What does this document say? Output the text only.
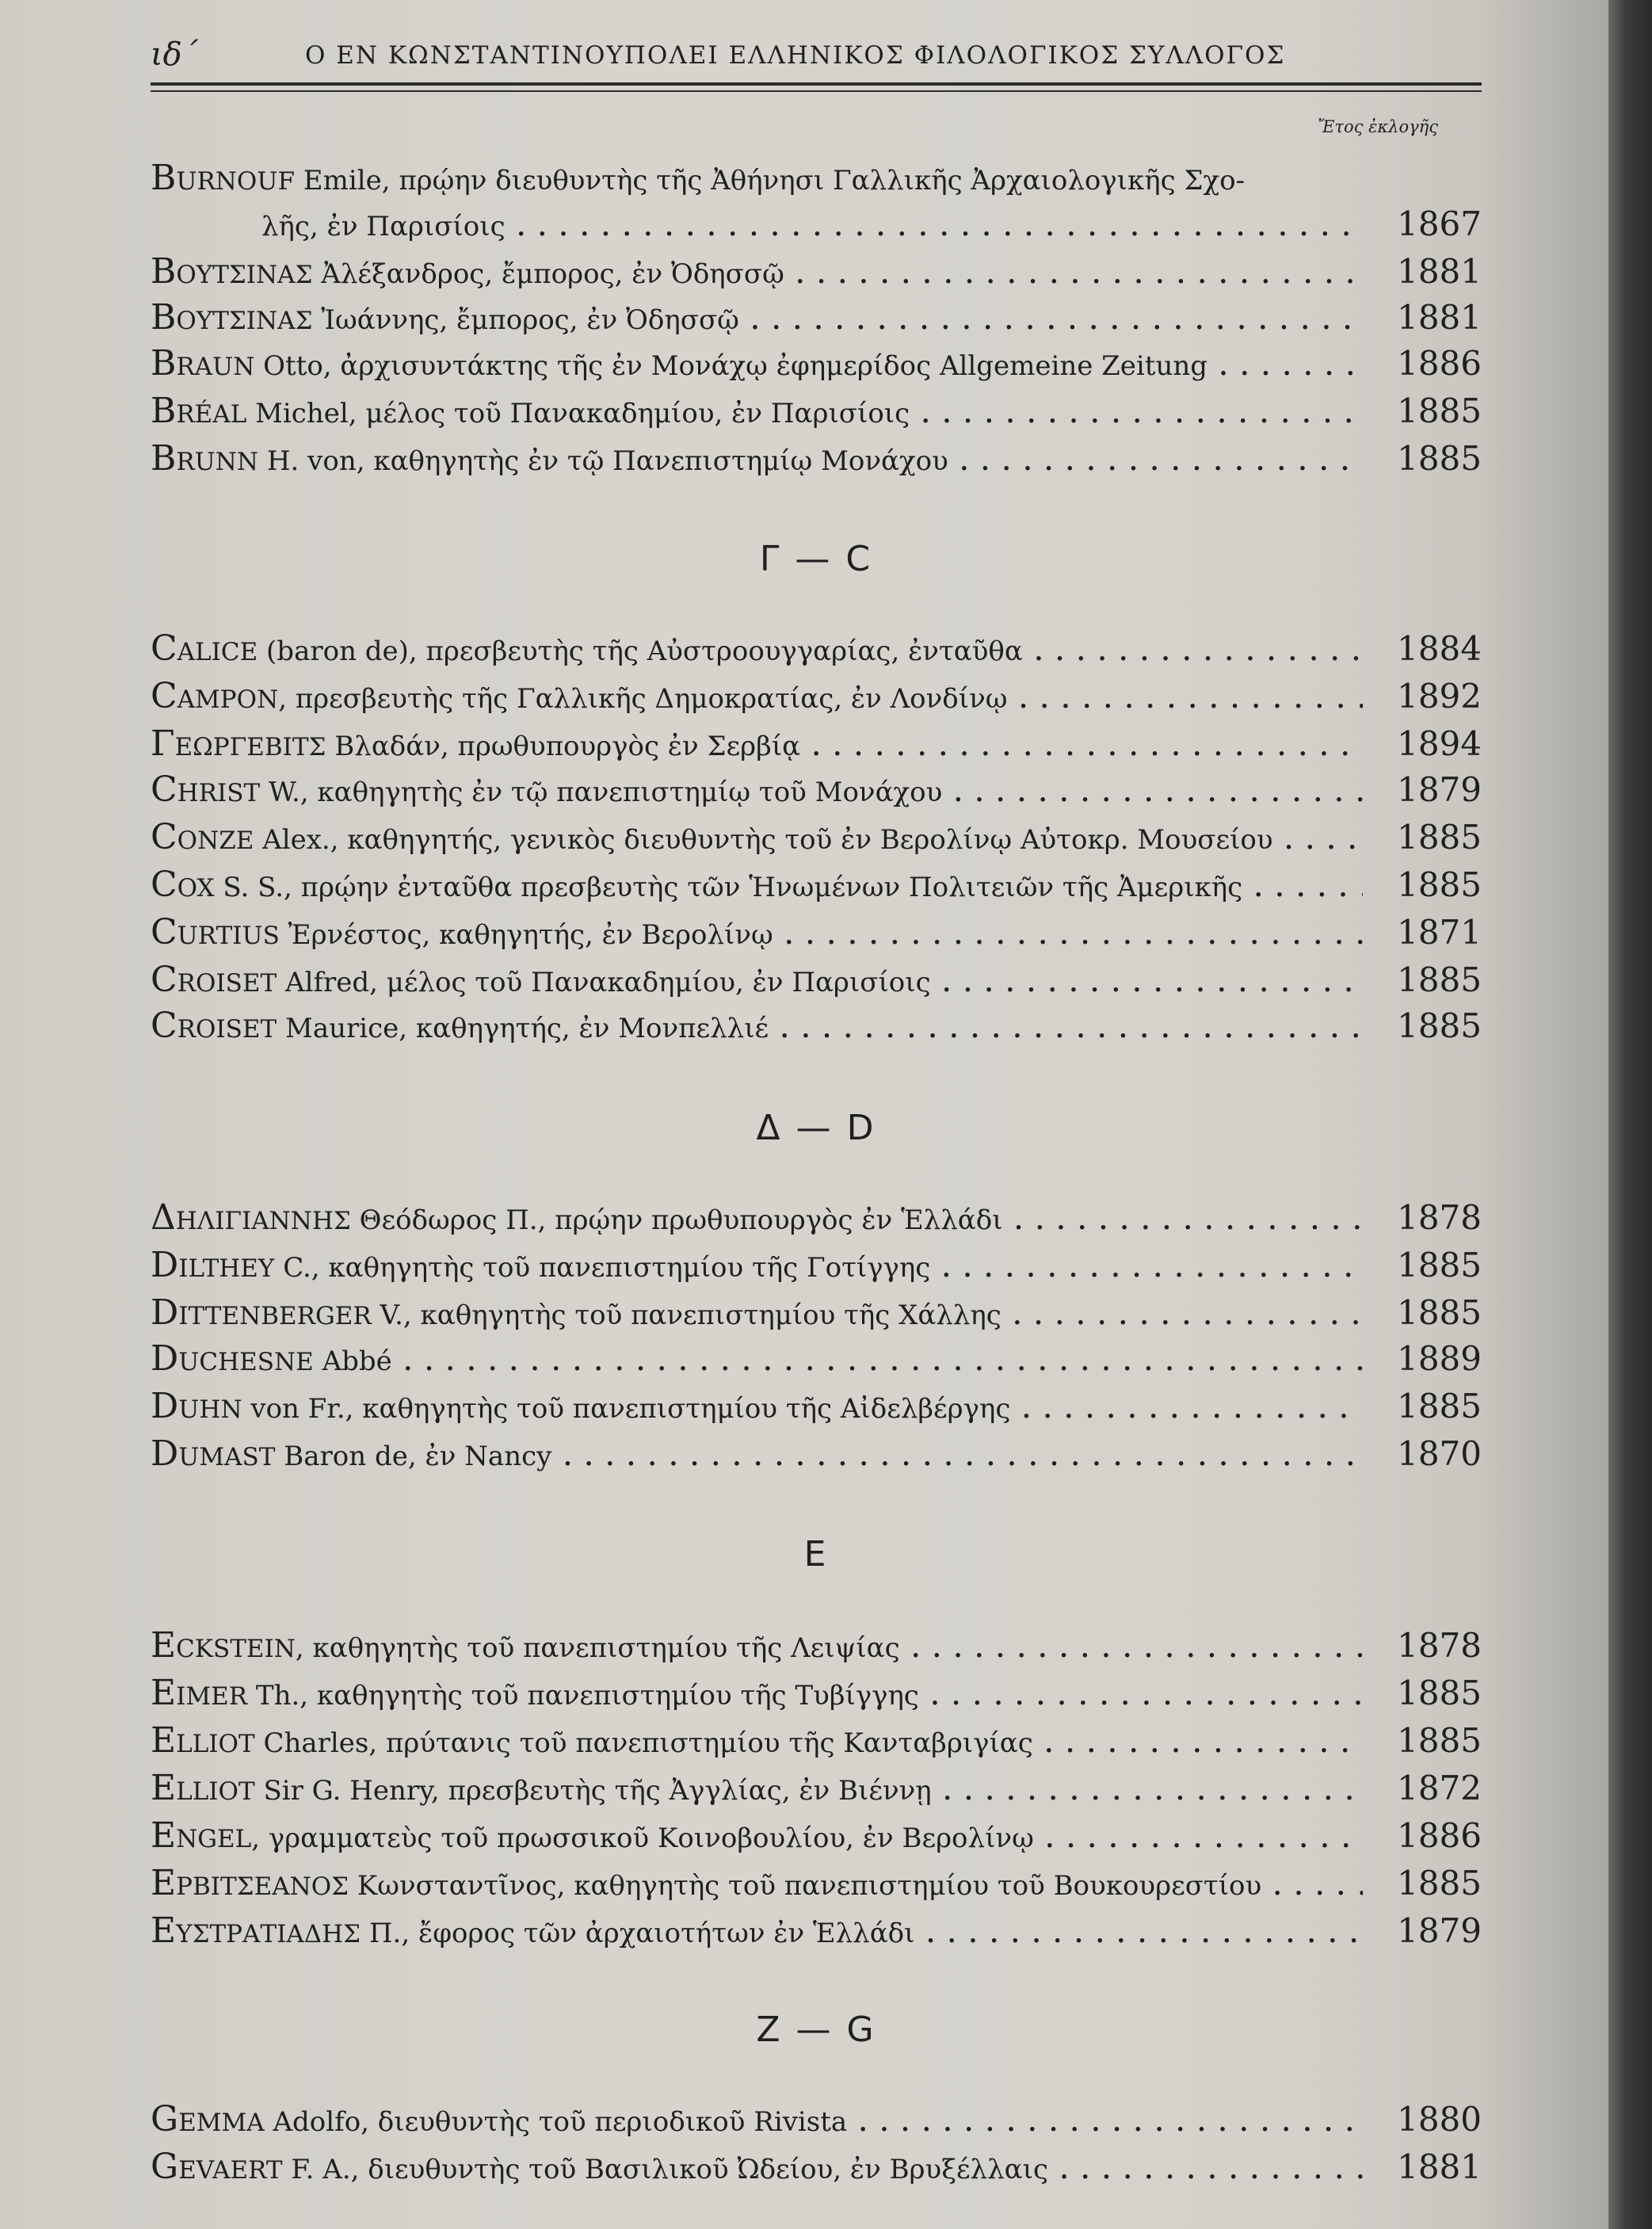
ιδ΄	Ο ΕΝ ΚΩΝΣΤΑΝΤΙΝΟΥΠΟΛΕΙ ΕΛΛΗΝΙΚΟΣ ΦΙΛΟΛΟΓΙΚΟΣ ΣΥΛΛΟΓΟΣ
Ἔτος ἐκλογῆς
Burnouf Emile, πρῴην διευθυντὴς τῆς Ἀθήνησι Γαλλικῆς Ἀρχαιολογικῆς Σχο-
λῆς, ἐν Παρισίοις . . .	1867
Βουτσινας Ἀλέξανδρος, ἔμπορος, ἐν Ὀδησσῷ . . .	1881
Βουτσινας Ἰωάννης, ἔμπορος, ἐν Ὀδησσῷ . . .	1881
Braun Otto, ἀρχισυντάκτης τῆς ἐν Μονάχῳ ἐφημερίδος Allgemeine Zeitung . . .	1886
Bréal Michel, μέλος τοῦ Πανακαδημίου, ἐν Παρισίοις . . .	1885
Brunn H. von, καθηγητὴς ἐν τῷ Πανεπιστημίῳ Μονάχου . . .	1885
Γ — C
Calice (baron de), πρεσβευτὴς τῆς Αὐστροουγγαρίας, ἐνταῦθα . . .	1884
Campon, πρεσβευτὴς τῆς Γαλλικῆς Δημοκρατίας, ἐν Λονδίνῳ . . .	1892
Γεωργεβιτς Βλαδάν, πρωθυπουργὸς ἐν Σερβίᾳ . . .	1894
Christ W., καθηγητὴς ἐν τῷ πανεπιστημίῳ τοῦ Μονάχου . . .	1879
Conze Alex., καθηγητής, γενικὸς διευθυντὴς τοῦ ἐν Βερολίνῳ Αὐτοκρ. Μουσείου . . .	1885
Cox S. S., πρῴην ἐνταῦθα πρεσβευτὴς τῶν Ἡνωμένων Πολιτειῶν τῆς Ἀμερικῆς . . .	1885
Curtius Ἐρνέστος, καθηγητής, ἐν Βερολίνῳ . . .	1871
Croiset Alfred, μέλος τοῦ Πανακαδημίου, ἐν Παρισίοις . . .	1885
Croiset Maurice, καθηγητής, ἐν Μονπελλιέ . . .	1885
Δ — D
Δηλιγιαννης Θεόδωρος Π., πρῴην πρωθυπουργὸς ἐν Ἑλλάδι . . .	1878
Dilthey C., καθηγητὴς τοῦ πανεπιστημίου τῆς Γοτίγγης . . .	1885
Dittenberger V., καθηγητὴς τοῦ πανεπιστημίου τῆς Χάλλης . . .	1885
Duchesne Abbé . . .	1889
Duhn von Fr., καθηγητὴς τοῦ πανεπιστημίου τῆς Αἰδελβέργης . . .	1885
Dumast Baron de, ἐν Nancy . . .	1870
E
Eckstein, καθηγητὴς τοῦ πανεπιστημίου τῆς Λειψίας . . .	1878
Eimer Th., καθηγητὴς τοῦ πανεπιστημίου τῆς Τυβίγγης . . .	1885
Elliot Charles, πρύτανις τοῦ πανεπιστημίου τῆς Κανταβριγίας . . .	1885
Elliot Sir G. Henry, πρεσβευτὴς τῆς Ἀγγλίας, ἐν Βιέννῃ . . .	1872
Engel, γραμματεὺς τοῦ πρωσσικοῦ Κοινοβουλίου, ἐν Βερολίνῳ . . .	1886
Ερβιτσεανος Κωνσταντῖνος, καθηγητὴς τοῦ πανεπιστημίου τοῦ Βουκουρεστίου . . .	1885
Ευστρατιαδης Π., ἔφορος τῶν ἀρχαιοτήτων ἐν Ἑλλάδι . . .	1879
Ζ — G
Gemma Adolfo, διευθυντὴς τοῦ περιοδικοῦ Rivista . . .	1880
Gevaert F. A., διευθυντὴς τοῦ Βασιλικοῦ Ὠδείου, ἐν Βρυξέλλαις . . .	1881
